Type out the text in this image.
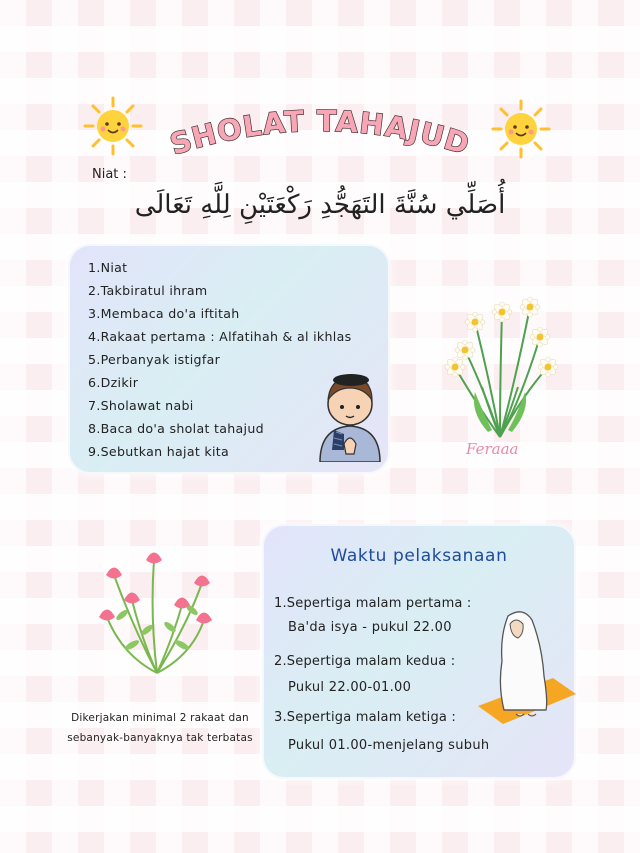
SHOLAT TAHAJUD
Niat :
أُصَلِّي سُنَّةَ التَهَجُّدِ رَكْعَتَيْنِ لِلَّهِ تَعَالَى
1.Niat
2.Takbiratul ihram
3.Membaca do'a iftitah
4.Rakaat pertama : Alfatihah & al ikhlas
5.Perbanyak istigfar
6.Dzikir
7.Sholawat nabi
8.Baca do'a sholat tahajud
9.Sebutkan hajat kita	Feraaa
Dikerjakan minimal 2 rakaat dan sebanyak-banyaknya tak terbatas
Waktu pelaksanaan
1.Sepertiga malam pertama :
Ba'da isya - pukul 22.00
2.Sepertiga malam kedua :
Pukul 22.00-01.00
3.Sepertiga malam ketiga :
Pukul 01.00-menjelang subuh
